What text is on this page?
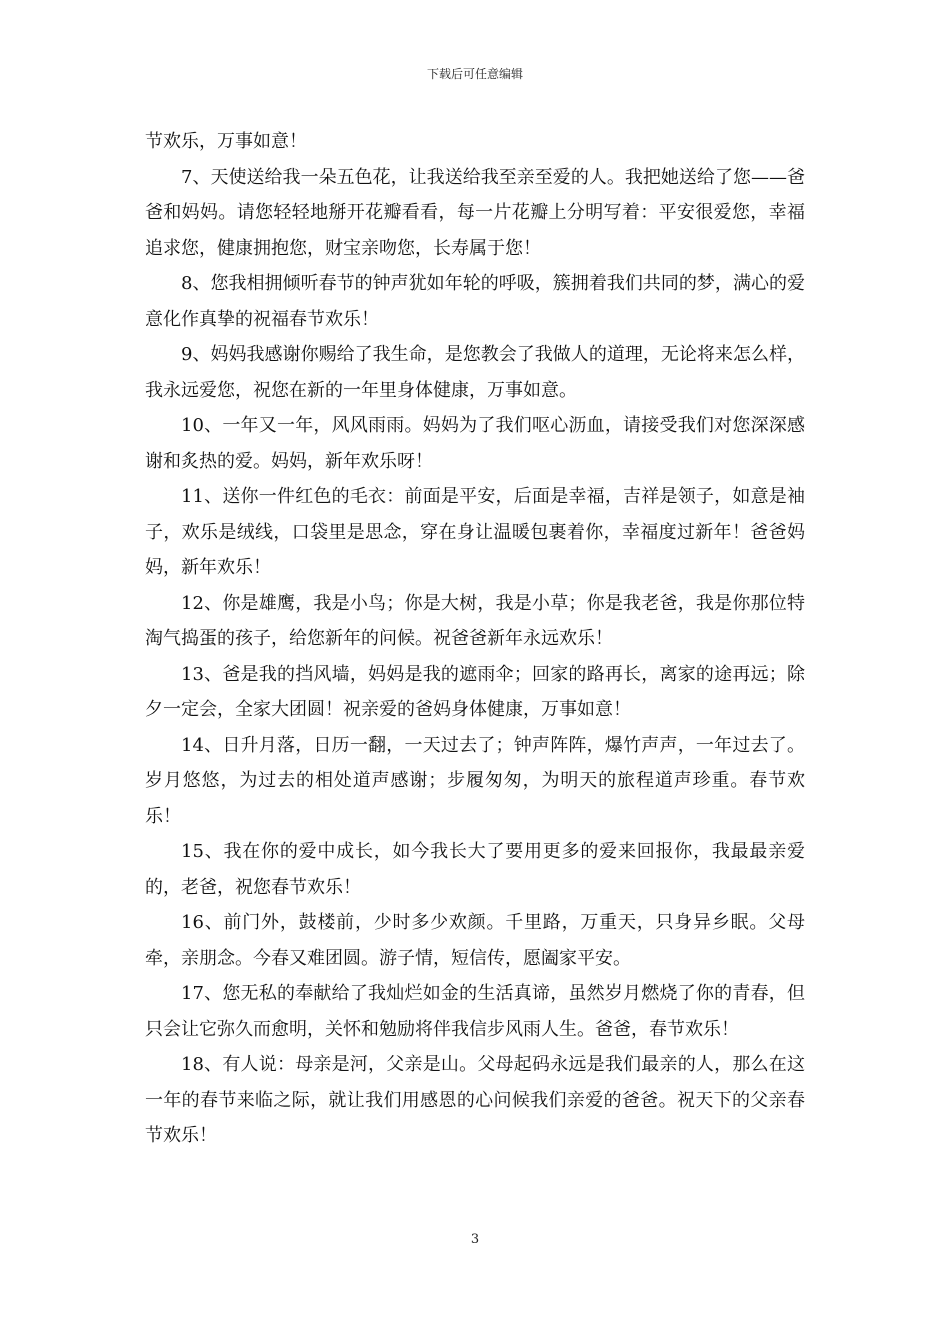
下载后可任意编辑

节欢乐，万事如意！

7、天使送给我一朵五色花，让我送给我至亲至爱的人。我把她送给了您——爸爸和妈妈。请您轻轻地掰开花瓣看看，每一片花瓣上分明写着：平安很爱您，幸福追求您，健康拥抱您，财宝亲吻您，长寿属于您！

8、您我相拥倾听春节的钟声犹如年轮的呼吸，簇拥着我们共同的梦，满心的爱意化作真挚的祝福春节欢乐！

9、妈妈我感谢你赐给了我生命，是您教会了我做人的道理，无论将来怎么样，我永远爱您，祝您在新的一年里身体健康，万事如意。

10、一年又一年，风风雨雨。妈妈为了我们呕心沥血，请接受我们对您深深感谢和炙热的爱。妈妈，新年欢乐呀！

11、送你一件红色的毛衣：前面是平安，后面是幸福，吉祥是领子，如意是袖子，欢乐是绒线，口袋里是思念，穿在身让温暖包裹着你，幸福度过新年！爸爸妈妈，新年欢乐！

12、你是雄鹰，我是小鸟；你是大树，我是小草；你是我老爸，我是你那位特淘气捣蛋的孩子，给您新年的问候。祝爸爸新年永远欢乐！

13、爸是我的挡风墙，妈妈是我的遮雨伞；回家的路再长，离家的途再远；除夕一定会，全家大团圆！祝亲爱的爸妈身体健康，万事如意！

14、日升月落，日历一翻，一天过去了；钟声阵阵，爆竹声声，一年过去了。岁月悠悠，为过去的相处道声感谢；步履匆匆，为明天的旅程道声珍重。春节欢乐！

15、我在你的爱中成长，如今我长大了要用更多的爱来回报你，我最最亲爱的，老爸，祝您春节欢乐！

16、前门外，鼓楼前，少时多少欢颜。千里路，万重天，只身异乡眠。父母牵，亲朋念。今春又难团圆。游子情，短信传，愿阖家平安。

17、您无私的奉献给了我灿烂如金的生活真谛，虽然岁月燃烧了你的青春，但只会让它弥久而愈明，关怀和勉励将伴我信步风雨人生。爸爸，春节欢乐！

18、有人说：母亲是河，父亲是山。父母起码永远是我们最亲的人，那么在这一年的春节来临之际，就让我们用感恩的心问候我们亲爱的爸爸。祝天下的父亲春节欢乐！

3
